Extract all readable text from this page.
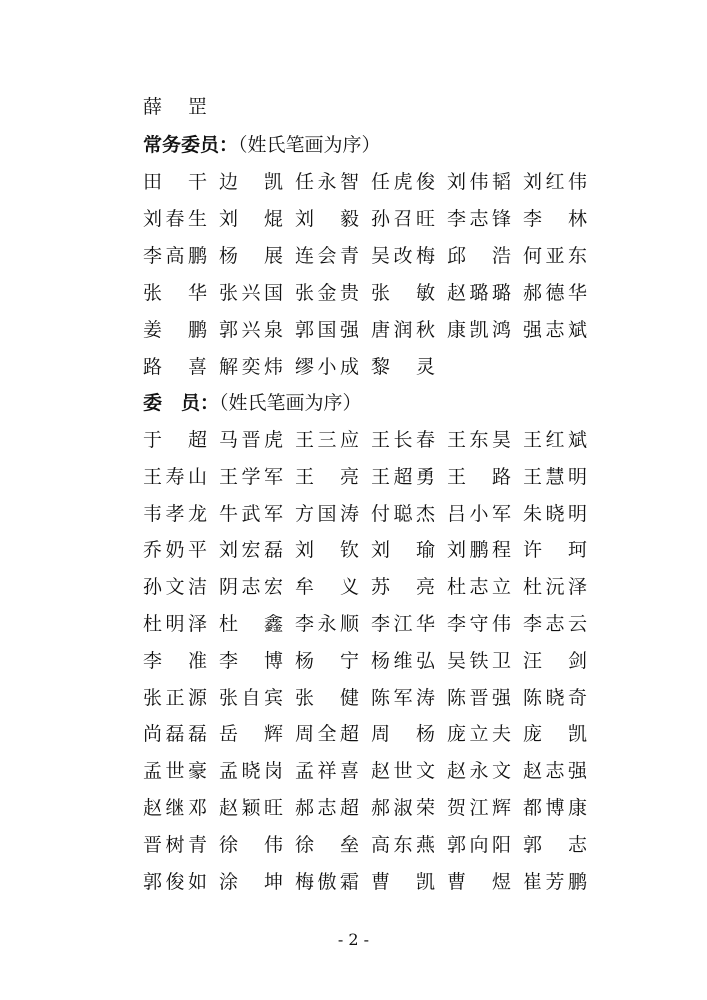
薛 罡
常务委员：（姓氏笔画为序）
田 干 边 凯 任 永 智 任 虎 俊 刘 伟 韬 刘 红 伟
刘 春 生 刘 焜 刘 毅 孙 召 旺 李 志 锋 李 林
李 高 鹏 杨 展 连 会 青 吴 改 梅 邱 浩 何 亚 东
张 华 张 兴 国 张 金 贵 张 敏 赵 璐 璐 郝 德 华
姜 鹏 郭 兴 泉 郭 国 强 唐 润 秋 康 凯 鸿 强 志 斌
路 喜 解 奕 炜 缪 小 成 黎 灵
委　员：（姓氏笔画为序）
于 超 马 晋 虎 王 三 应 王 长 春 王 东 昊 王 红 斌
王 寿 山 王 学 军 王 亮 王 超 勇 王 路 王 慧 明
韦 孝 龙 牛 武 军 方 国 涛 付 聪 杰 吕 小 军 朱 晓 明
乔 奶 平 刘 宏 磊 刘 钦 刘 瑜 刘 鹏 程 许 珂
孙 文 洁 阴 志 宏 牟 义 苏 亮 杜 志 立 杜 沅 泽
杜 明 泽 杜 鑫 李 永 顺 李 江 华 李 守 伟 李 志 云
李 准 李 博 杨 宁 杨 维 弘 吴 铁 卫 汪 剑
张 正 源 张 自 宾 张 健 陈 军 涛 陈 晋 强 陈 晓 奇
尚 磊 磊 岳 辉 周 全 超 周 杨 庞 立 夫 庞 凯
孟 世 豪 孟 晓 岗 孟 祥 喜 赵 世 文 赵 永 文 赵 志 强
赵 继 邓 赵 颖 旺 郝 志 超 郝 淑 荣 贺 江 辉 都 博 康
晋 树 青 徐 伟 徐 垒 高 东 燕 郭 向 阳 郭 志
郭 俊 如 涂 坤 梅 傲 霜 曹 凯 曹 煜 崔 芳 鹏
- 2 -
